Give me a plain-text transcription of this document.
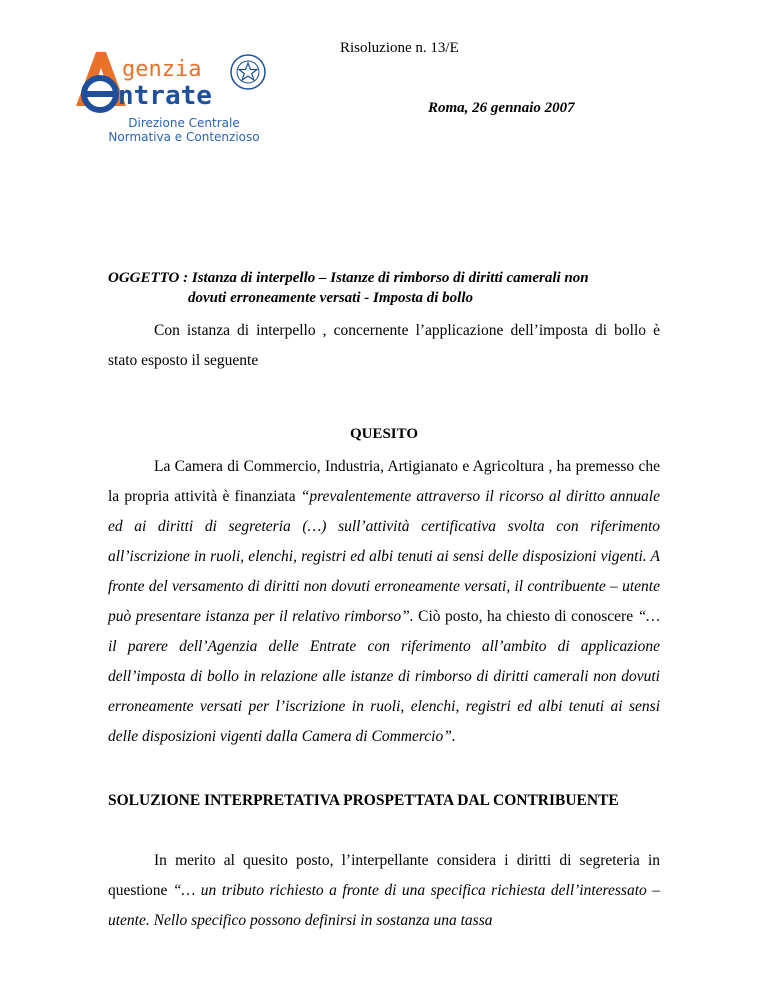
Risoluzione n. 13/E
genzia
ntrate
Direzione Centrale
Normativa e Contenzioso
Roma, 26 gennaio 2007
OGGETTO : Istanza di interpello – Istanze di rimborso di diritti camerali non
dovuti erroneamente versati - Imposta di bollo
Con istanza di interpello , concernente l’applicazione dell’imposta di bollo è stato esposto il seguente
QUESITO
La Camera di Commercio, Industria, Artigianato e Agricoltura , ha premesso che la propria attività è finanziata “prevalentemente attraverso il ricorso al diritto annuale ed ai diritti di segreteria (…) sull’attività certificativa svolta con riferimento all’iscrizione in ruoli, elenchi, registri ed albi tenuti ai sensi delle disposizioni vigenti. A fronte del versamento di diritti non dovuti erroneamente versati, il contribuente – utente può presentare istanza per il relativo rimborso”. Ciò posto, ha chiesto di conoscere “…il parere dell’Agenzia delle Entrate con riferimento all’ambito di applicazione dell’imposta di bollo in relazione alle istanze di rimborso di diritti camerali non dovuti erroneamente versati per l’iscrizione in ruoli, elenchi, registri ed albi tenuti ai sensi delle disposizioni vigenti dalla Camera di Commercio”.
SOLUZIONE INTERPRETATIVA PROSPETTATA DAL CONTRIBUENTE
In merito al quesito posto, l’interpellante considera i diritti di segreteria in questione “… un tributo richiesto a fronte di una specifica richiesta dell’interessato – utente. Nello specifico possono definirsi in sostanza una tassa
